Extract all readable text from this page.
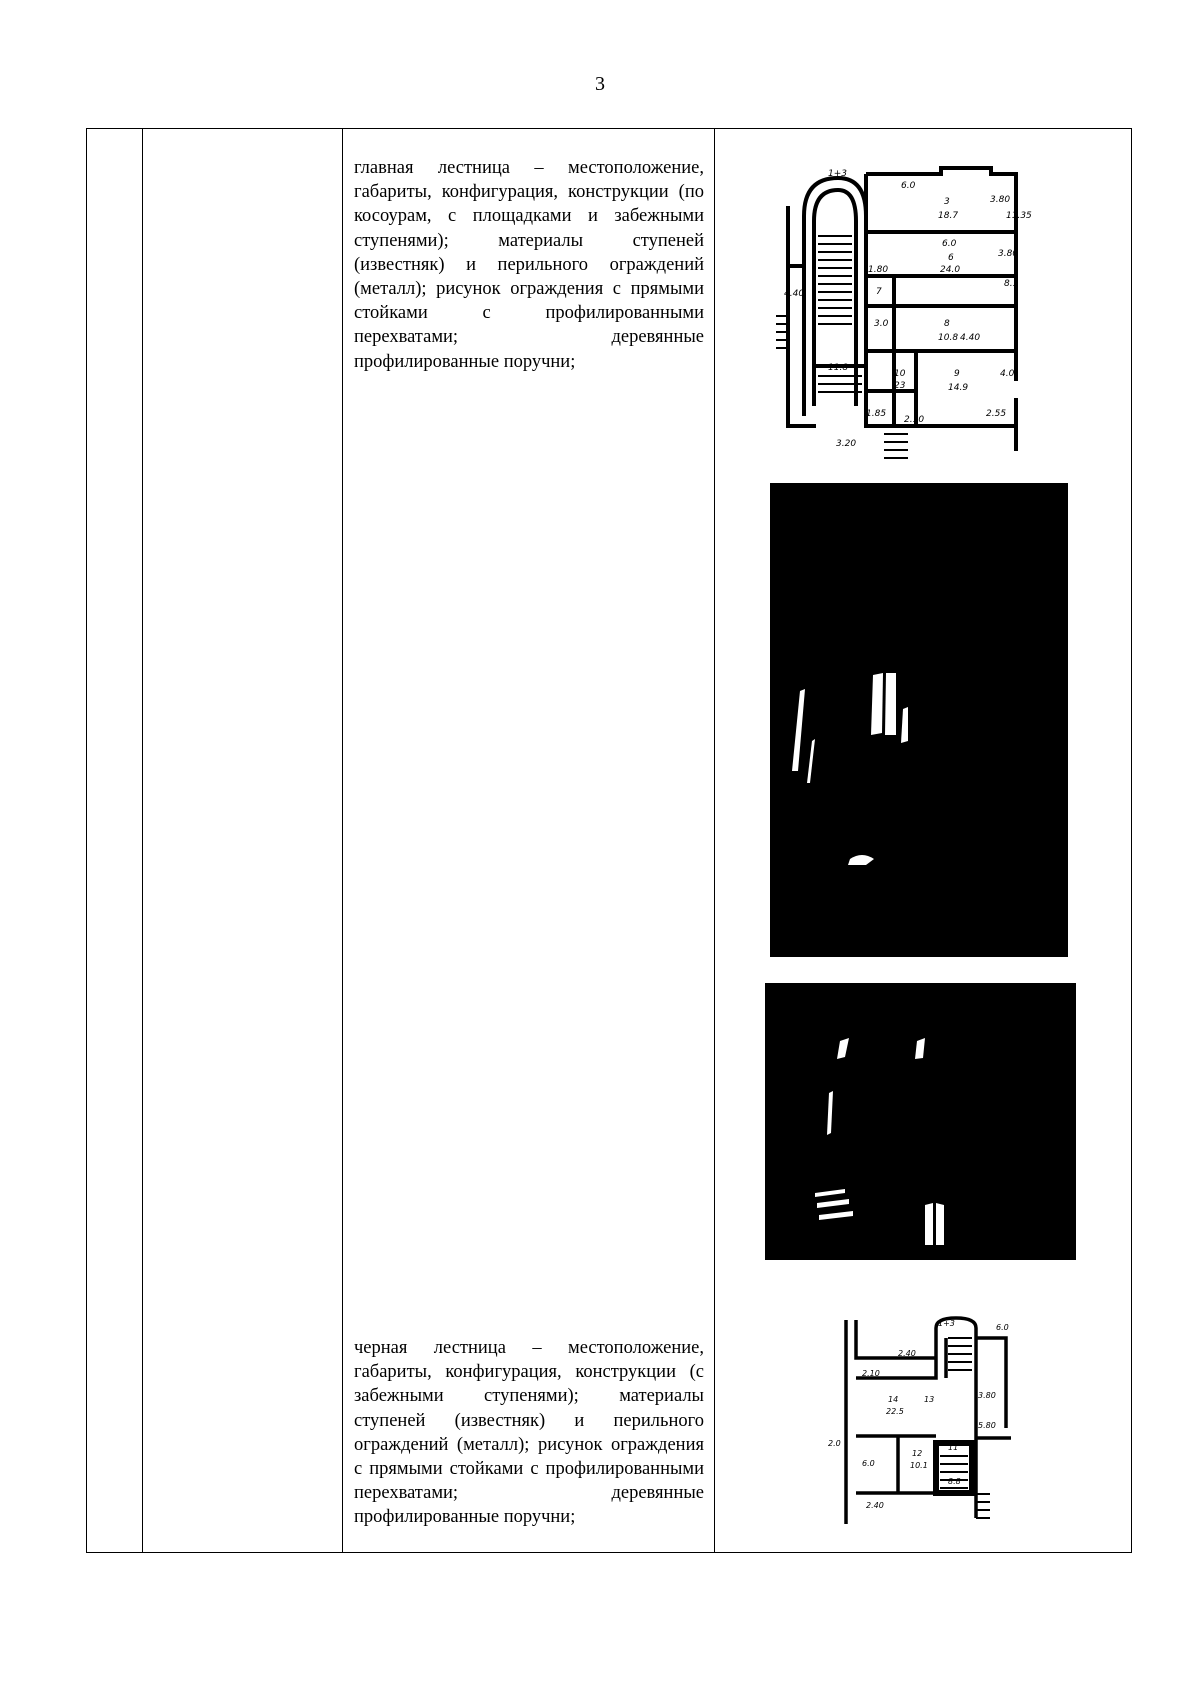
3
главная лестница – местоположение, габариты, конфигурация, конструкции (по косоурам, с площадками и забежными ступенями); материалы ступеней (известняк) и перильного ограждений (металл); рисунок ограждения с прямыми стойками с профилированными перехватами; деревянные профилированные поручни;
1+3
6.0
3
18.7
3.80
11.35
6.0
6
24.0
3.80
4.40
1.80
7
3.0	8
10.8 4.40
11.8
10
23
9
14.9
4.0
1.85
2.10
3.20
2.55
8.1
черная лестница – местоположение, габариты, конфигурация, конструкции (с забежными ступенями); материалы ступеней (известняк) и перильного ограждений (металл); рисунок ограждения с прямыми стойками с профилированными перехватами; деревянные профилированные поручни;
1+3	6.0
2.40
2.10
14
22.5
13	3.80
5.80
12
10.1
6.0
11
8.8
2.40
2.0
